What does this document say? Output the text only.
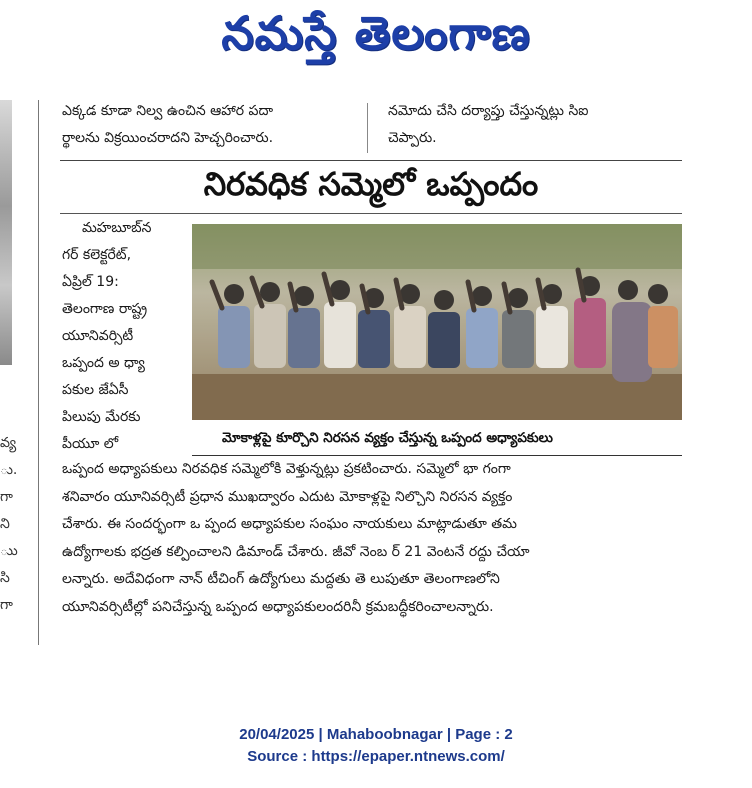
నమస్తే తెలంగాణ
వ్య
ు.
గా
ని
ుు
సి
గా
ఎక్కడ కూడా నిల్వ ఉంచిన ఆహార పదా
ర్థాలను విక్రయించరాదని హెచ్చరించారు.
నమోదు చేసి దర్యాప్తు చేస్తున్నట్లు సిఐ
చెప్పారు.
నిరవధిక సమ్మెలో ఒప్పందం
మహబూబ్‌న
గర్ కలెక్టరేట్,
ఏప్రిల్ 19:
తెలంగాణ రాష్ట్ర
యూనివర్సిటీ
ఒప్పంద అ ధ్యా
పకుల జేఏసీ
పిలుపు మేరకు
పీయూ లో	మోకాళ్లపై కూర్చొని నిరసన వ్యక్తం చేస్తున్న ఒప్పంద అధ్యాపకులు
ఒప్పంద అధ్యాపకులు నిరవధిక సమ్మెలోకి వెళ్తున్నట్లు ప్రకటించారు. సమ్మెలో భా గంగా
శనివారం యూనివర్సిటీ ప్రధాన ముఖద్వారం ఎదుట మోకాళ్లపై నిల్చొని నిరసన వ్యక్తం
చేశారు. ఈ సందర్భంగా ఒ ప్పంద అధ్యాపకుల సంఘం నాయకులు మాట్లాడుతూ తమ
ఉద్యోగాలకు భద్రత కల్పించాలని డిమాండ్ చేశారు. జీవో నెంబ ర్ 21 వెంటనే రద్దు చేయా
లన్నారు. అదేవిధంగా నాన్ టీచింగ్ ఉద్యోగులు మద్దతు తె లుపుతూ తెలంగాణలోని
యూనివర్సిటీల్లో పనిచేస్తున్న ఒప్పంద అధ్యాపకులందరినీ క్రమబద్ధీకరించాలన్నారు.
20/04/2025 | Mahaboobnagar | Page : 2
Source : https://epaper.ntnews.com/
